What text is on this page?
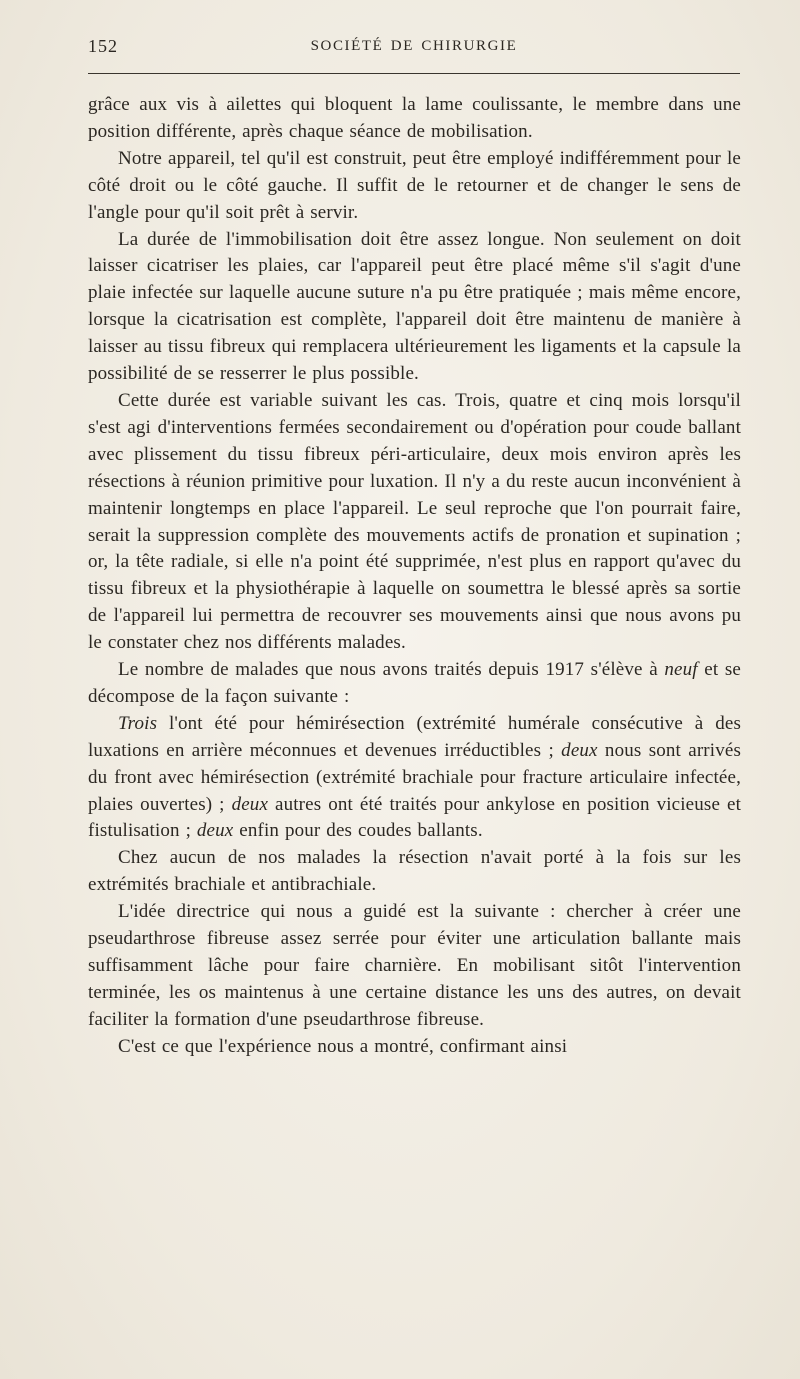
152	SOCIÉTÉ DE CHIRURGIE

grâce aux vis à ailettes qui bloquent la lame coulissante, le membre dans une position différente, après chaque séance de mobilisation.

Notre appareil, tel qu'il est construit, peut être employé indifféremment pour le côté droit ou le côté gauche. Il suffit de le retourner et de changer le sens de l'angle pour qu'il soit prêt à servir.

La durée de l'immobilisation doit être assez longue. Non seulement on doit laisser cicatriser les plaies, car l'appareil peut être placé même s'il s'agit d'une plaie infectée sur laquelle aucune suture n'a pu être pratiquée ; mais même encore, lorsque la cicatrisation est complète, l'appareil doit être maintenu de manière à laisser au tissu fibreux qui remplacera ultérieurement les ligaments et la capsule la possibilité de se resserrer le plus possible.

Cette durée est variable suivant les cas. Trois, quatre et cinq mois lorsqu'il s'est agi d'interventions fermées secondairement ou d'opération pour coude ballant avec plissement du tissu fibreux péri-articulaire, deux mois environ après les résections à réunion primitive pour luxation. Il n'y a du reste aucun inconvénient à maintenir longtemps en place l'appareil. Le seul reproche que l'on pourrait faire, serait la suppression complète des mouvements actifs de pronation et supination ; or, la tête radiale, si elle n'a point été supprimée, n'est plus en rapport qu'avec du tissu fibreux et la physiothérapie à laquelle on soumettra le blessé après sa sortie de l'appareil lui permettra de recouvrer ses mouvements ainsi que nous avons pu le constater chez nos différents malades.

Le nombre de malades que nous avons traités depuis 1917 s'élève à neuf et se décompose de la façon suivante :

Trois l'ont été pour hémirésection (extrémité humérale consécutive à des luxations en arrière méconnues et devenues irréductibles ; deux nous sont arrivés du front avec hémirésection (extrémité brachiale pour fracture articulaire infectée, plaies ouvertes) ; deux autres ont été traités pour ankylose en position vicieuse et fistulisation ; deux enfin pour des coudes ballants.

Chez aucun de nos malades la résection n'avait porté à la fois sur les extrémités brachiale et antibrachiale.

L'idée directrice qui nous a guidé est la suivante : chercher à créer une pseudarthrose fibreuse assez serrée pour éviter une articulation ballante mais suffisamment lâche pour faire charnière. En mobilisant sitôt l'intervention terminée, les os maintenus à une certaine distance les uns des autres, on devait faciliter la formation d'une pseudarthrose fibreuse.

C'est ce que l'expérience nous a montré, confirmant ainsi
